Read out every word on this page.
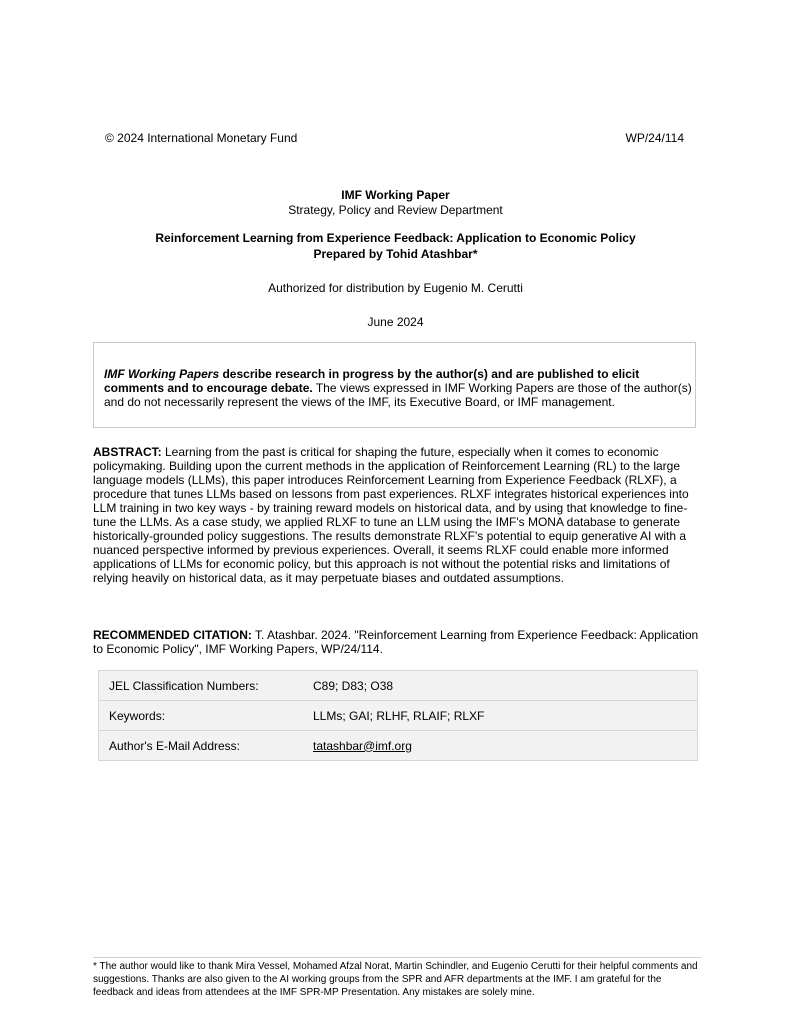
© 2024 International Monetary Fund	WP/24/114
IMF Working Paper
Strategy, Policy and Review Department
Reinforcement Learning from Experience Feedback: Application to Economic Policy
Prepared by Tohid Atashbar*
Authorized for distribution by Eugenio M. Cerutti
June 2024
IMF Working Papers describe research in progress by the author(s) and are published to elicit comments and to encourage debate. The views expressed in IMF Working Papers are those of the author(s) and do not necessarily represent the views of the IMF, its Executive Board, or IMF management.
ABSTRACT: Learning from the past is critical for shaping the future, especially when it comes to economic policymaking. Building upon the current methods in the application of Reinforcement Learning (RL) to the large language models (LLMs), this paper introduces Reinforcement Learning from Experience Feedback (RLXF), a procedure that tunes LLMs based on lessons from past experiences. RLXF integrates historical experiences into LLM training in two key ways - by training reward models on historical data, and by using that knowledge to fine-tune the LLMs. As a case study, we applied RLXF to tune an LLM using the IMF's MONA database to generate historically-grounded policy suggestions. The results demonstrate RLXF's potential to equip generative AI with a nuanced perspective informed by previous experiences. Overall, it seems RLXF could enable more informed applications of LLMs for economic policy, but this approach is not without the potential risks and limitations of relying heavily on historical data, as it may perpetuate biases and outdated assumptions.
RECOMMENDED CITATION: T. Atashbar. 2024. "Reinforcement Learning from Experience Feedback: Application to Economic Policy", IMF Working Papers, WP/24/114.
JEL Classification Numbers:	C89; D83; O38
Keywords:	LLMs; GAI; RLHF, RLAIF; RLXF
Author's E-Mail Address:	tatashbar@imf.org
* The author would like to thank Mira Vessel, Mohamed Afzal Norat, Martin Schindler, and Eugenio Cerutti for their helpful comments and suggestions. Thanks are also given to the AI working groups from the SPR and AFR departments at the IMF. I am grateful for the feedback and ideas from attendees at the IMF SPR-MP Presentation. Any mistakes are solely mine.
